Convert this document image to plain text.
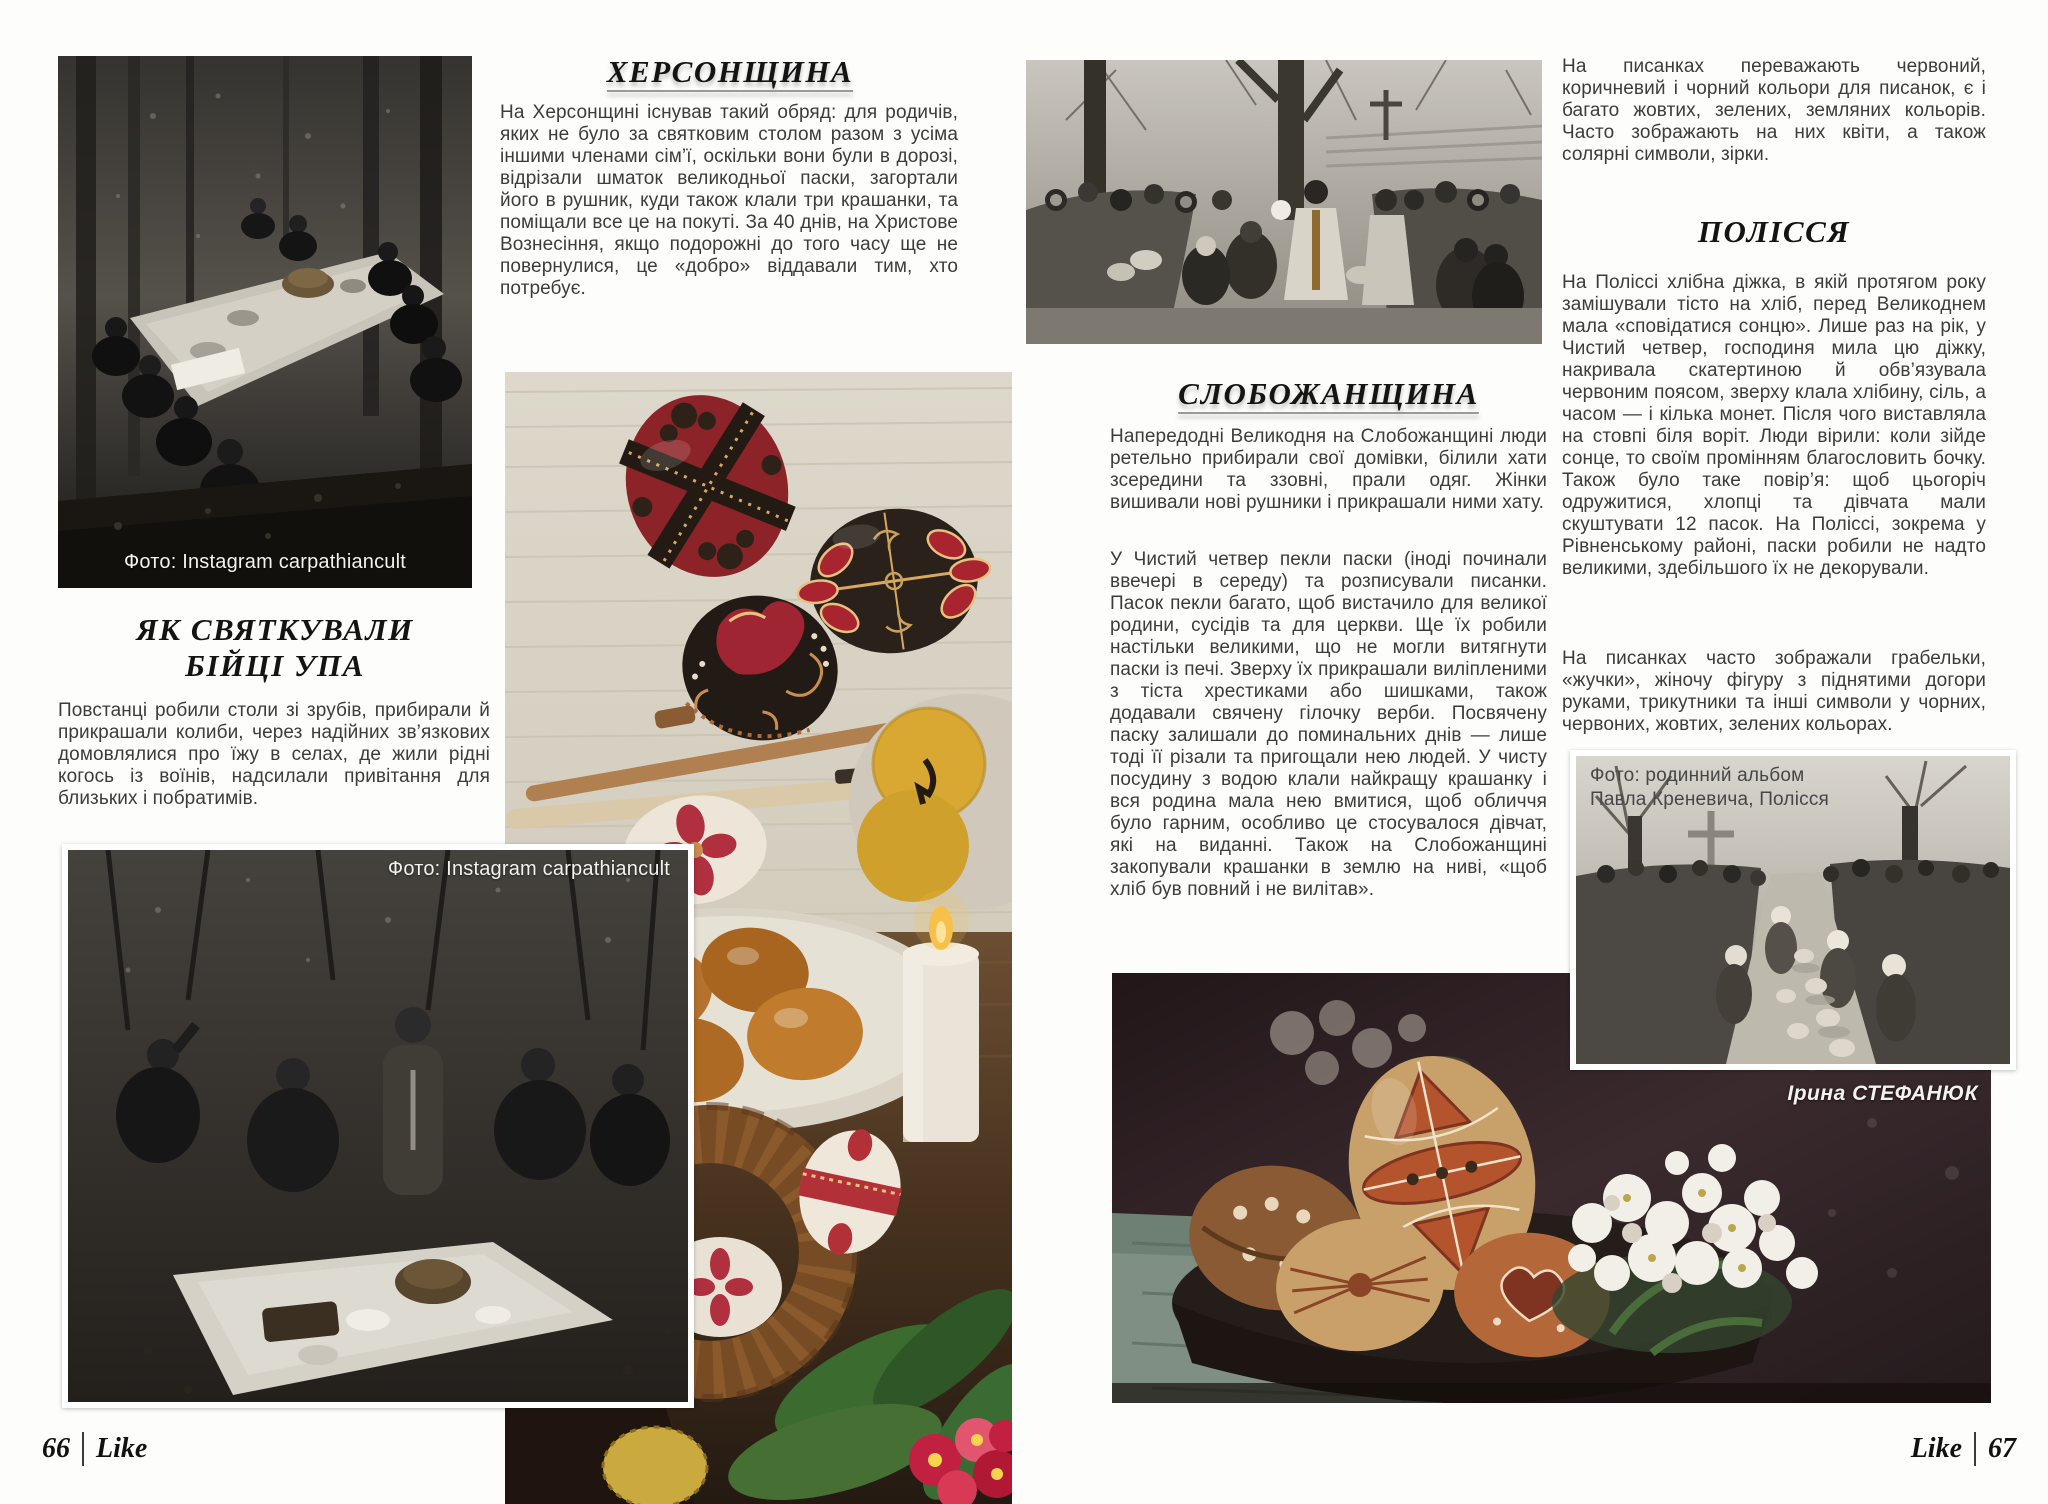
Фото: Instagram carpathiancult
ЯК СВЯТКУВАЛИ
БІЙЦІ УПА
Повстанці робили столи зі зрубів, прибирали й прикрашали колиби, через надійних зв’язкових домовлялися про їжу в селах, де жили рідні когось із воїнів, надсилали привітання для близьких і побратимів.
Фото: Instagram carpathiancult
ХЕРСОНЩИНА
На Херсонщині існував такий обряд: для родичів, яких не було за святковим столом разом з усіма іншими членами сім’ї, оскільки вони були в дорозі, відрізали шматок великодньої паски, загортали його в рушник, куди також клали три крашанки, та поміщали все це на покуті. За 40 днів, на Христове Вознесіння, якщо подорожні до того часу ще не повернулися, це «добро» віддавали тим, хто потребує.
СЛОБОЖАНЩИНА
Напередодні Великодня на Слобожанщині люди ретельно прибирали свої домівки, білили хати зсередини та ззовні, прали одяг. Жінки вишивали нові рушники і прикрашали ними хату.
У Чистий четвер пекли паски (іноді починали ввечері в середу) та розписували писанки. Пасок пекли багато, щоб вистачило для великої родини, сусідів та для церкви. Ще їх робили настільки великими, що не могли витягнути паски із печі. Зверху їх прикрашали виліпленими з тіста хрестиками або шишками, також додавали свячену гілочку верби. Посвячену паску залишали до поминальних днів — лише тоді її різали та пригощали нею людей. У чисту посудину з водою клали найкращу крашанку і вся родина мала нею вмитися, щоб обличчя було гарним, особливо це стосувалося дівчат, які на виданні. Також на Слобожанщині закопували крашанки в землю на ниві, «щоб хліб був повний і не вилітав».
На писанках переважають червоний, коричневий і чорний кольори для писанок, є і багато жовтих, зелених, земляних кольорів. Часто зображають на них квіти, а також солярні символи, зірки.
ПОЛІССЯ
На Поліссі хлібна діжка, в якій протягом року замішували тісто на хліб, перед Великоднем мала «сповідатися сонцю». Лише раз на рік, у Чистий четвер, господиня мила цю діжку, накривала скатертиною й обв’язувала червоним поясом, зверху клала хлібину, сіль, а часом — і кілька монет. Після чого виставляла на стовпі біля воріт. Люди вірили: коли зійде сонце, то своїм промінням благословить бочку. Також було таке повір’я: щоб цьогоріч одружитися, хлопці та дівчата мали скуштувати 12 пасок. На Поліссі, зокрема у Рівненському районі, паски робили не надто великими, здебільшого їх не декорували.
На писанках часто зображали грабельки, «жучки», жіночу фігуру з піднятими догори руками, трикутники та інші символи у чорних, червоних, жовтих, зелених кольорах.
Фото: родинний альбом
Павла Креневича, Полісся
Ірина СТЕФАНЮК
66 Like	Like 67
